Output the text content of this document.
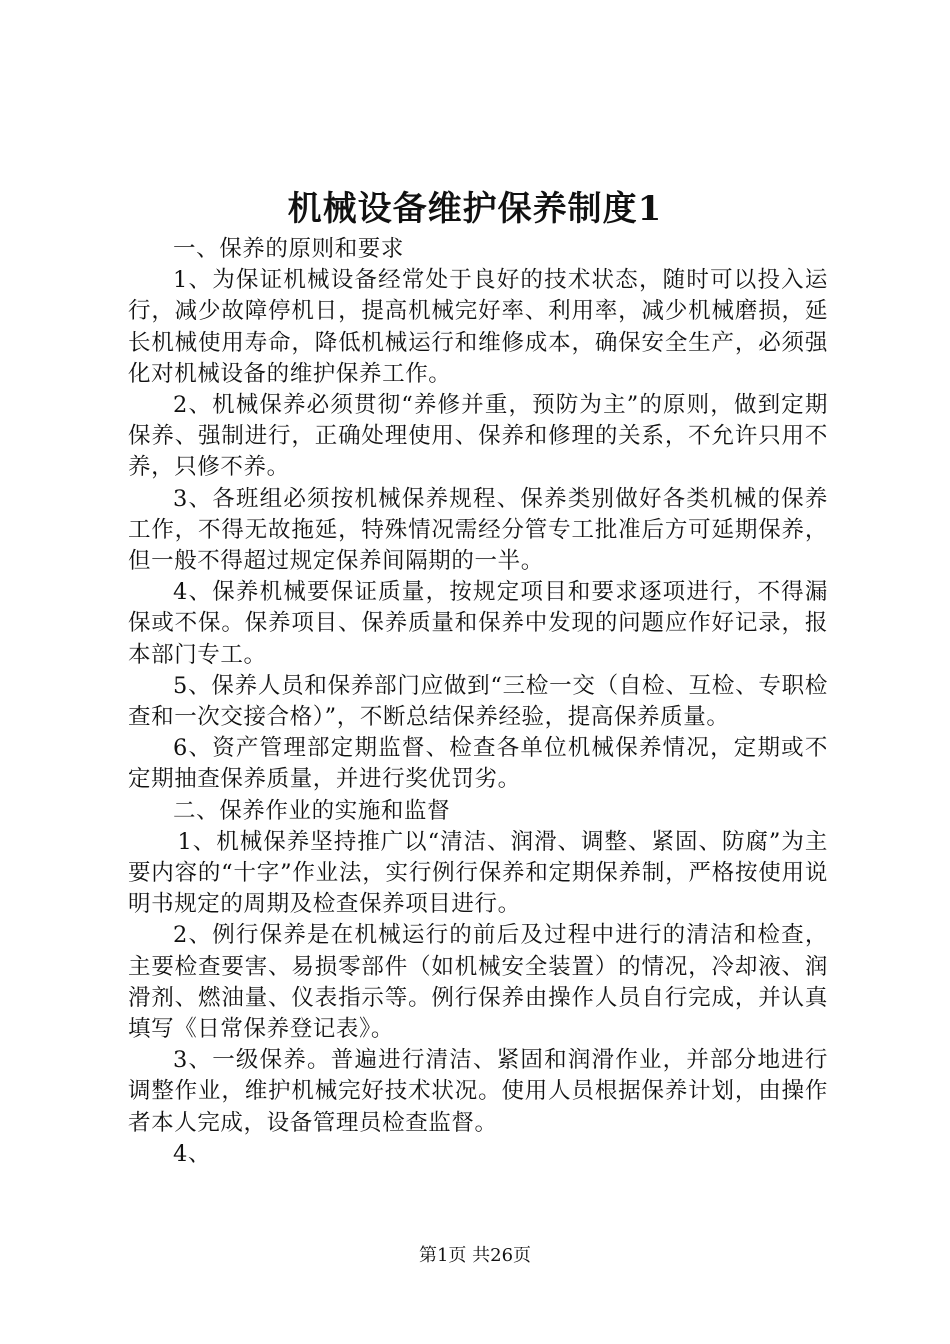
机械设备维护保养制度1

一、保养的原则和要求

1、为保证机械设备经常处于良好的技术状态，随时可以投入运行，减少故障停机日，提高机械完好率、利用率，减少机械磨损，延长机械使用寿命，降低机械运行和维修成本，确保安全生产，必须强化对机械设备的维护保养工作。

2、机械保养必须贯彻“养修并重，预防为主”的原则，做到定期保养、强制进行，正确处理使用、保养和修理的关系，不允许只用不养，只修不养。

3、各班组必须按机械保养规程、保养类别做好各类机械的保养工作，不得无故拖延，特殊情况需经分管专工批准后方可延期保养，但一般不得超过规定保养间隔期的一半。

4、保养机械要保证质量，按规定项目和要求逐项进行，不得漏保或不保。保养项目、保养质量和保养中发现的问题应作好记录，报本部门专工。

5、保养人员和保养部门应做到“三检一交（自检、互检、专职检查和一次交接合格）”，不断总结保养经验，提高保养质量。

6、资产管理部定期监督、检查各单位机械保养情况，定期或不定期抽查保养质量，并进行奖优罚劣。

二、保养作业的实施和监督

1、机械保养坚持推广以“清洁、润滑、调整、紧固、防腐”为主要内容的“十字”作业法，实行例行保养和定期保养制，严格按使用说明书规定的周期及检查保养项目进行。

2、例行保养是在机械运行的前后及过程中进行的清洁和检查，主要检查要害、易损零部件（如机械安全装置）的情况，冷却液、润滑剂、燃油量、仪表指示等。例行保养由操作人员自行完成，并认真填写《日常保养登记表》。

3、一级保养。普遍进行清洁、紧固和润滑作业，并部分地进行调整作业，维护机械完好技术状况。使用人员根据保养计划，由操作者本人完成，设备管理员检查监督。

4、

第1页 共26页
